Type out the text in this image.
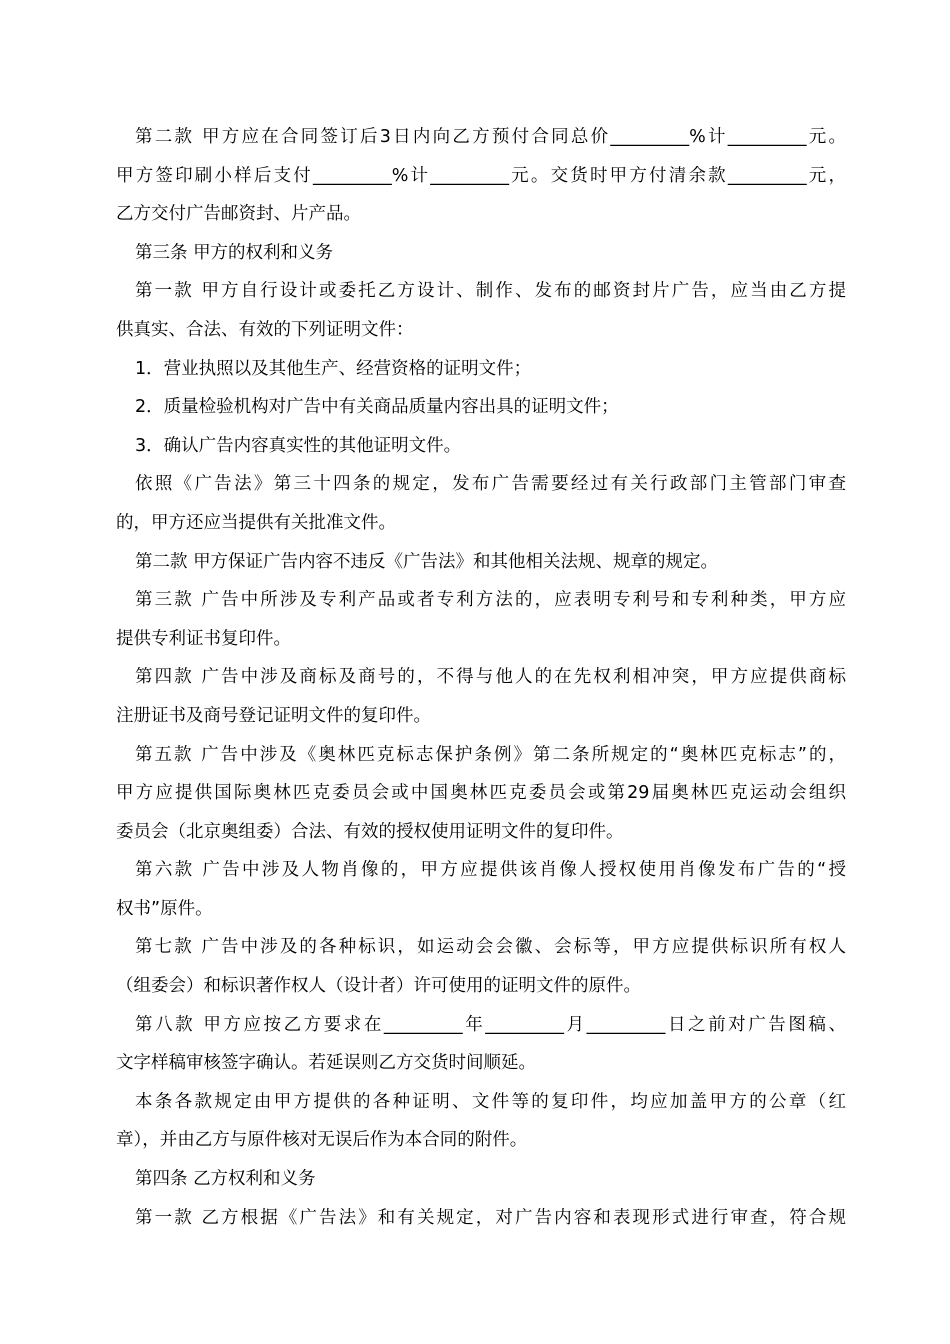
第二款 甲方应在合同签订后3日内向乙方预付合同总价_________%计_________元。
甲方签印刷小样后支付_________%计_________元。交货时甲方付清余款_________元，
乙方交付广告邮资封、片产品。
第三条 甲方的权利和义务
第一款 甲方自行设计或委托乙方设计、制作、发布的邮资封片广告，应当由乙方提
供真实、合法、有效的下列证明文件：
1．营业执照以及其他生产、经营资格的证明文件；
2．质量检验机构对广告中有关商品质量内容出具的证明文件；
3．确认广告内容真实性的其他证明文件。
依照《广告法》第三十四条的规定，发布广告需要经过有关行政部门主管部门审查
的，甲方还应当提供有关批准文件。
第二款 甲方保证广告内容不违反《广告法》和其他相关法规、规章的规定。
第三款 广告中所涉及专利产品或者专利方法的，应表明专利号和专利种类，甲方应
提供专利证书复印件。
第四款 广告中涉及商标及商号的，不得与他人的在先权利相冲突，甲方应提供商标
注册证书及商号登记证明文件的复印件。
第五款 广告中涉及《奥林匹克标志保护条例》第二条所规定的“奥林匹克标志”的，
甲方应提供国际奥林匹克委员会或中国奥林匹克委员会或第29届奥林匹克运动会组织
委员会（北京奥组委）合法、有效的授权使用证明文件的复印件。
第六款 广告中涉及人物肖像的，甲方应提供该肖像人授权使用肖像发布广告的“授
权书”原件。
第七款 广告中涉及的各种标识，如运动会会徽、会标等，甲方应提供标识所有权人
（组委会）和标识著作权人（设计者）许可使用的证明文件的原件。
第八款 甲方应按乙方要求在_________年_________月_________日之前对广告图稿、
文字样稿审核签字确认。若延误则乙方交货时间顺延。
本条各款规定由甲方提供的各种证明、文件等的复印件，均应加盖甲方的公章（红
章），并由乙方与原件核对无误后作为本合同的附件。
第四条 乙方权利和义务
第一款 乙方根据《广告法》和有关规定，对广告内容和表现形式进行审查，符合规
